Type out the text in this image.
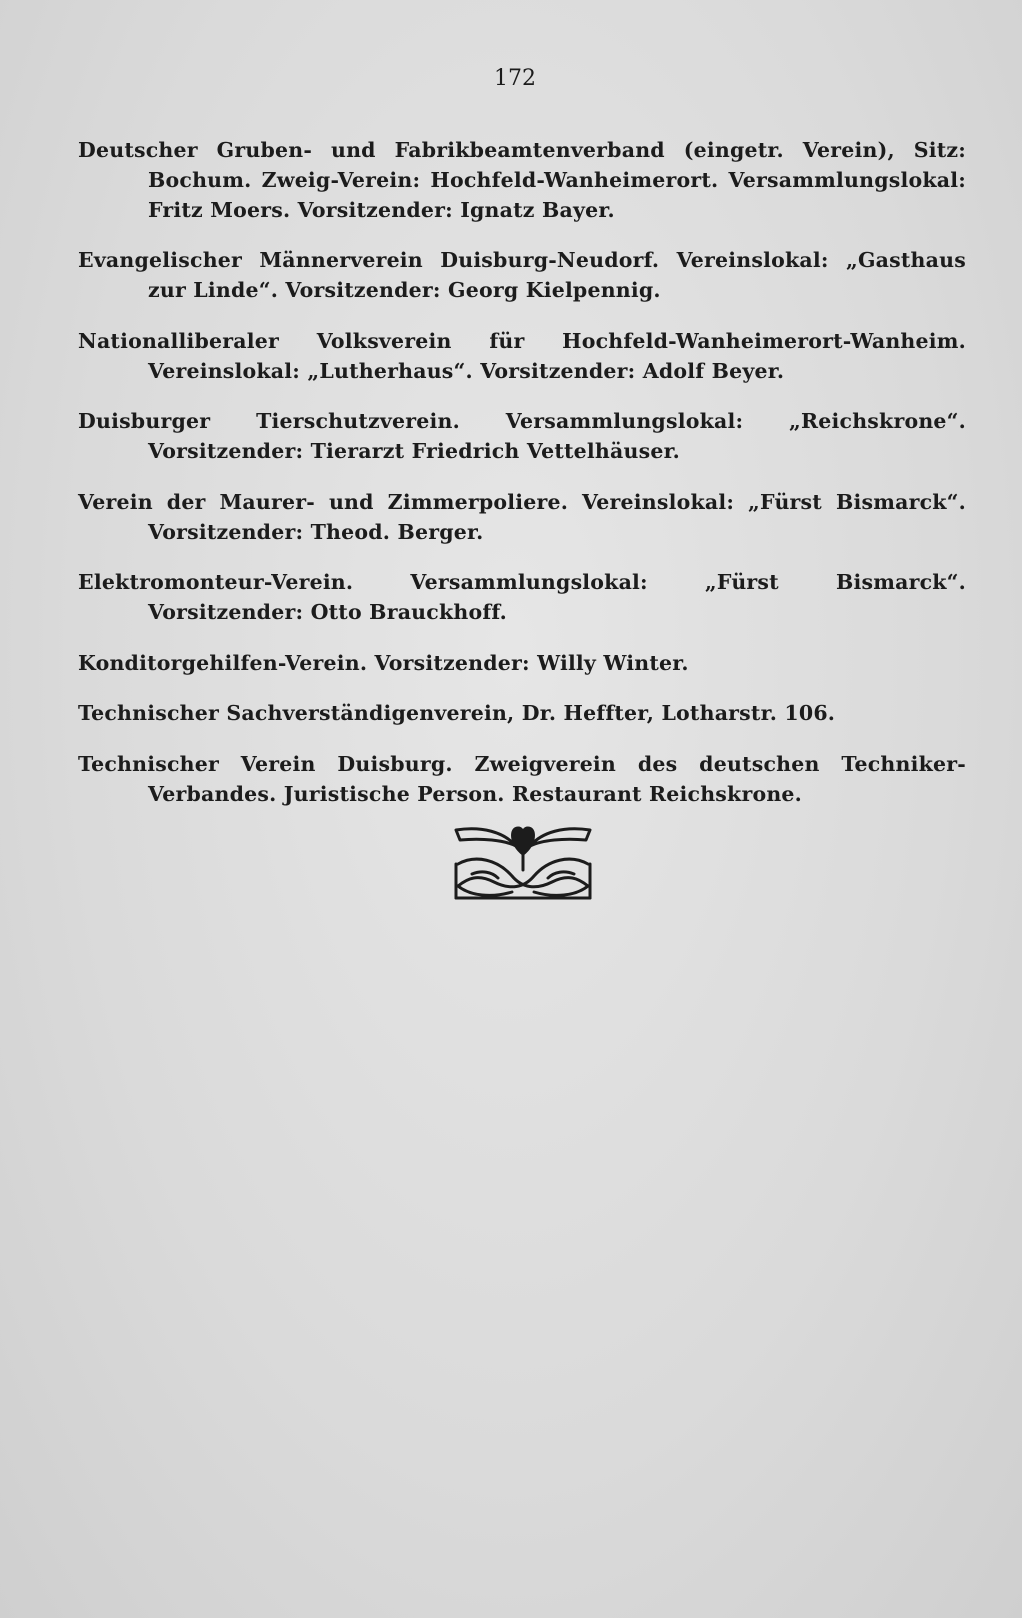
172

Deutscher Gruben- und Fabrikbeamtenverband (eingetr. Verein), Sitz: Bochum. Zweig-Verein: Hochfeld-Wanheimerort. Versammlungslokal: Fritz Moers. Vorsitzender: Ignatz Bayer.

Evangelischer Männerverein Duisburg-Neudorf. Vereinslokal: „Gasthaus zur Linde“. Vorsitzender: Georg Kielpennig.

Nationalliberaler Volksverein für Hochfeld-Wanheimerort-Wanheim. Vereinslokal: „Lutherhaus“. Vorsitzender: Adolf Beyer.

Duisburger Tierschutzverein. Versammlungslokal: „Reichskrone“. Vorsitzender: Tierarzt Friedrich Vettelhäuser.

Verein der Maurer- und Zimmerpoliere. Vereinslokal: „Fürst Bismarck“. Vorsitzender: Theod. Berger.

Elektromonteur-Verein. Versammlungslokal: „Fürst Bismarck“. Vorsitzender: Otto Brauckhoff.

Konditorgehilfen-Verein. Vorsitzender: Willy Winter.

Technischer Sachverständigenverein, Dr. Heffter, Lotharstr. 106.

Technischer Verein Duisburg. Zweigverein des deutschen Techniker-Verbandes. Juristische Person. Restaurant Reichskrone.
